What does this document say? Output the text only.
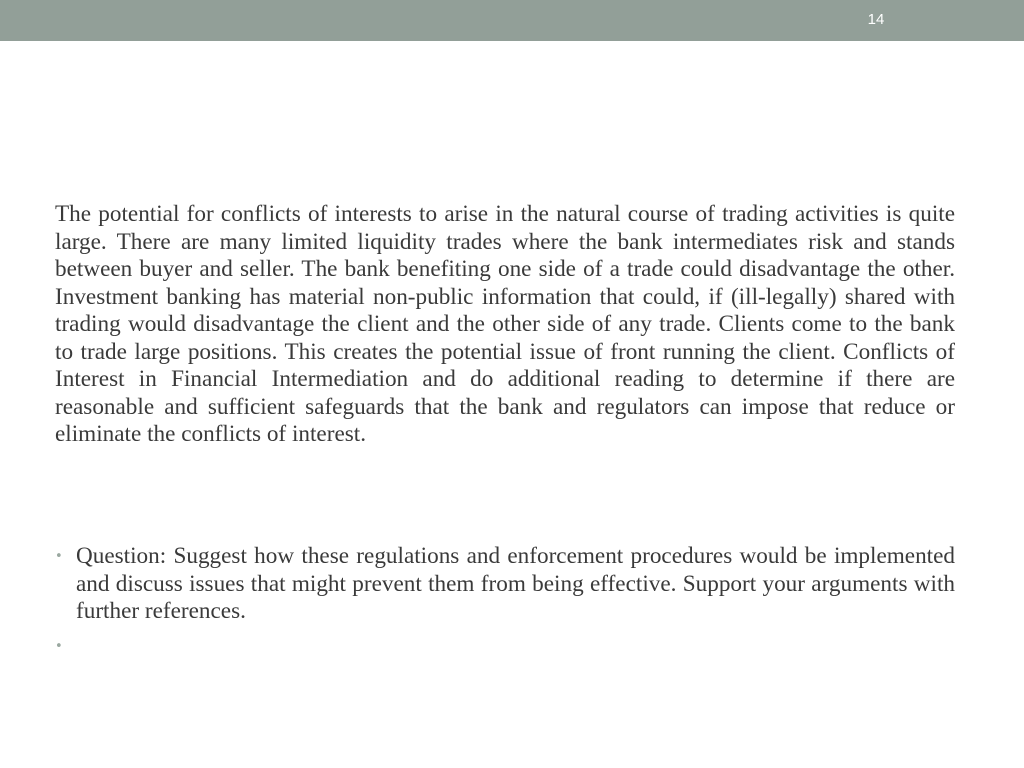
14

The potential for conflicts of interests to arise in the natural course of trading activities is quite large. There are many limited liquidity trades where the bank intermediates risk and stands between buyer and seller. The bank benefiting one side of a trade could disadvantage the other. Investment banking has material non-public information that could, if (ill-legally) shared with trading would disadvantage the client and the other side of any trade. Clients come to the bank to trade large positions. This creates the potential issue of front running the client. Conflicts of Interest in Financial Intermediation and do additional reading to determine if there are reasonable and sufficient safeguards that the bank and regulators can impose that reduce or eliminate the conflicts of interest.

• Question: Suggest how these regulations and enforcement procedures would be implemented and discuss issues that might prevent them from being effective. Support your arguments with further references.
•
